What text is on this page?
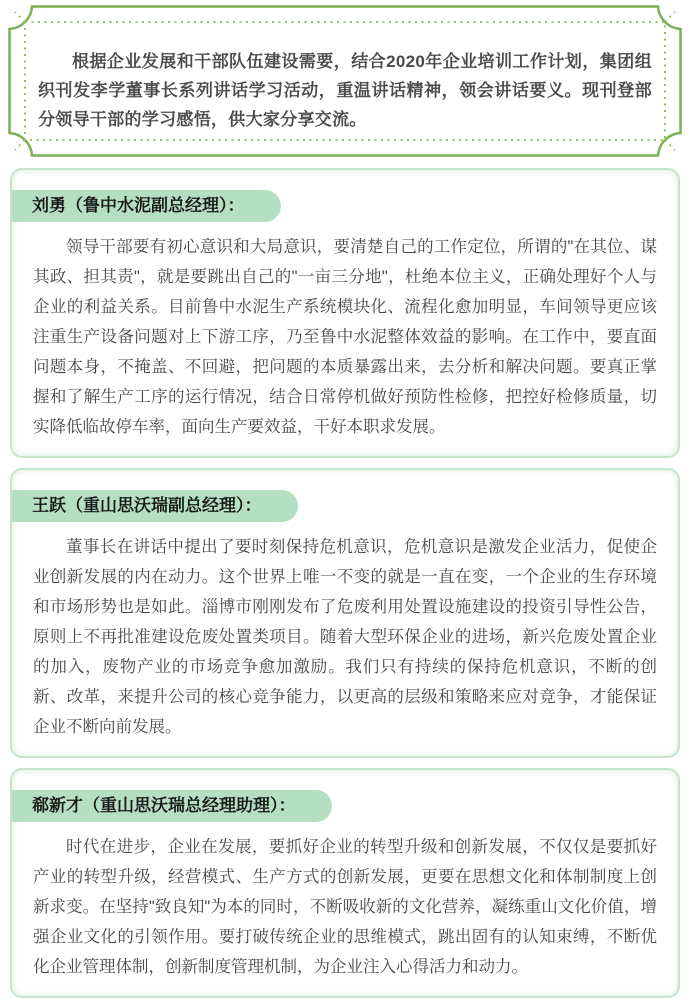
根据企业发展和干部队伍建设需要，结合2020年企业培训工作计划，集团组织刊发李学董事长系列讲话学习活动，重温讲话精神，领会讲话要义。现刊登部分领导干部的学习感悟，供大家分享交流。
刘勇（鲁中水泥副总经理）：
领导干部要有初心意识和大局意识，要清楚自己的工作定位，所谓的"在其位、谋其政、担其责"，就是要跳出自己的"一亩三分地"，杜绝本位主义，正确处理好个人与企业的利益关系。目前鲁中水泥生产系统模块化、流程化愈加明显，车间领导更应该注重生产设备问题对上下游工序，乃至鲁中水泥整体效益的影响。在工作中，要直面问题本身，不掩盖、不回避，把问题的本质暴露出来，去分析和解决问题。要真正掌握和了解生产工序的运行情况，结合日常停机做好预防性检修，把控好检修质量，切实降低临故停车率，面向生产要效益，干好本职求发展。
王跃（重山思沃瑞副总经理）：
董事长在讲话中提出了要时刻保持危机意识，危机意识是激发企业活力，促使企业创新发展的内在动力。这个世界上唯一不变的就是一直在变，一个企业的生存环境和市场形势也是如此。淄博市刚刚发布了危废利用处置设施建设的投资引导性公告，原则上不再批准建设危废处置类项目。随着大型环保企业的进场，新兴危废处置企业的加入，废物产业的市场竞争愈加激励。我们只有持续的保持危机意识，不断的创新、改革，来提升公司的核心竞争能力，以更高的层级和策略来应对竞争，才能保证企业不断向前发展。
郗新才（重山思沃瑞总经理助理）：
时代在进步，企业在发展，要抓好企业的转型升级和创新发展，不仅仅是要抓好产业的转型升级，经营模式、生产方式的创新发展，更要在思想文化和体制制度上创新求变。在坚持"致良知"为本的同时，不断吸收新的文化营养，凝练重山文化价值，增强企业文化的引领作用。要打破传统企业的思维模式，跳出固有的认知束缚，不断优化企业管理体制，创新制度管理机制，为企业注入心得活力和动力。
